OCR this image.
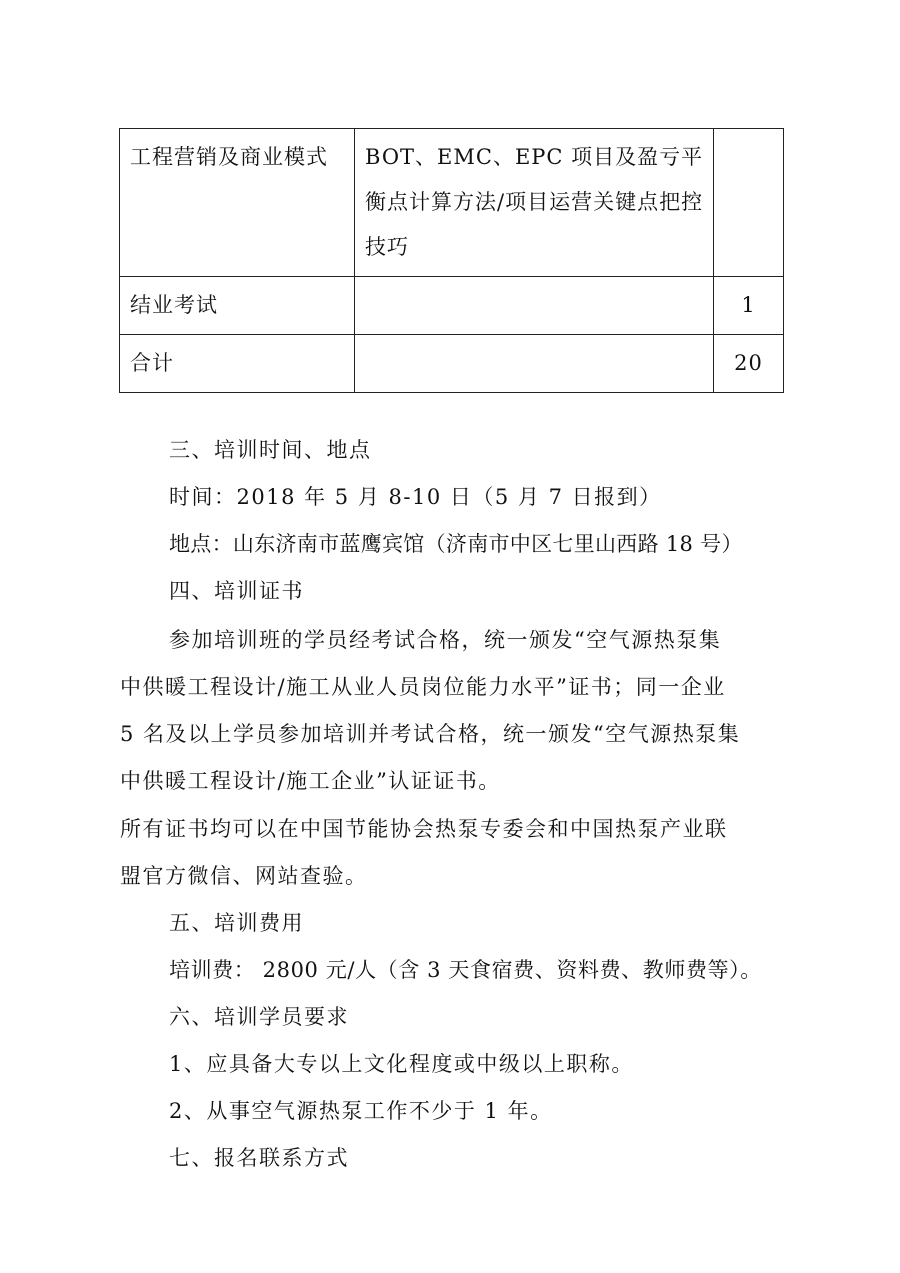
工程营销及商业模式	BOT、EMC、EPC 项目及盈亏平衡点计算方法/项目运营关键点把控技巧	
结业考试		1
合计		20

三、培训时间、地点

时间：2018 年 5 月 8-10 日（5 月 7 日报到）

地点：山东济南市蓝鹰宾馆（济南市中区七里山西路 18 号）

四、培训证书

参加培训班的学员经考试合格，统一颁发“空气源热泵集

中供暖工程设计/施工从业人员岗位能力水平”证书；同一企业

5 名及以上学员参加培训并考试合格，统一颁发“空气源热泵集

中供暖工程设计/施工企业”认证证书。

所有证书均可以在中国节能协会热泵专委会和中国热泵产业联

盟官方微信、网站查验。

五、培训费用

培训费： 2800 元/人（含 3 天食宿费、资料费、教师费等）。

六、培训学员要求

1、应具备大专以上文化程度或中级以上职称。

2、从事空气源热泵工作不少于 1 年。

七、报名联系方式
